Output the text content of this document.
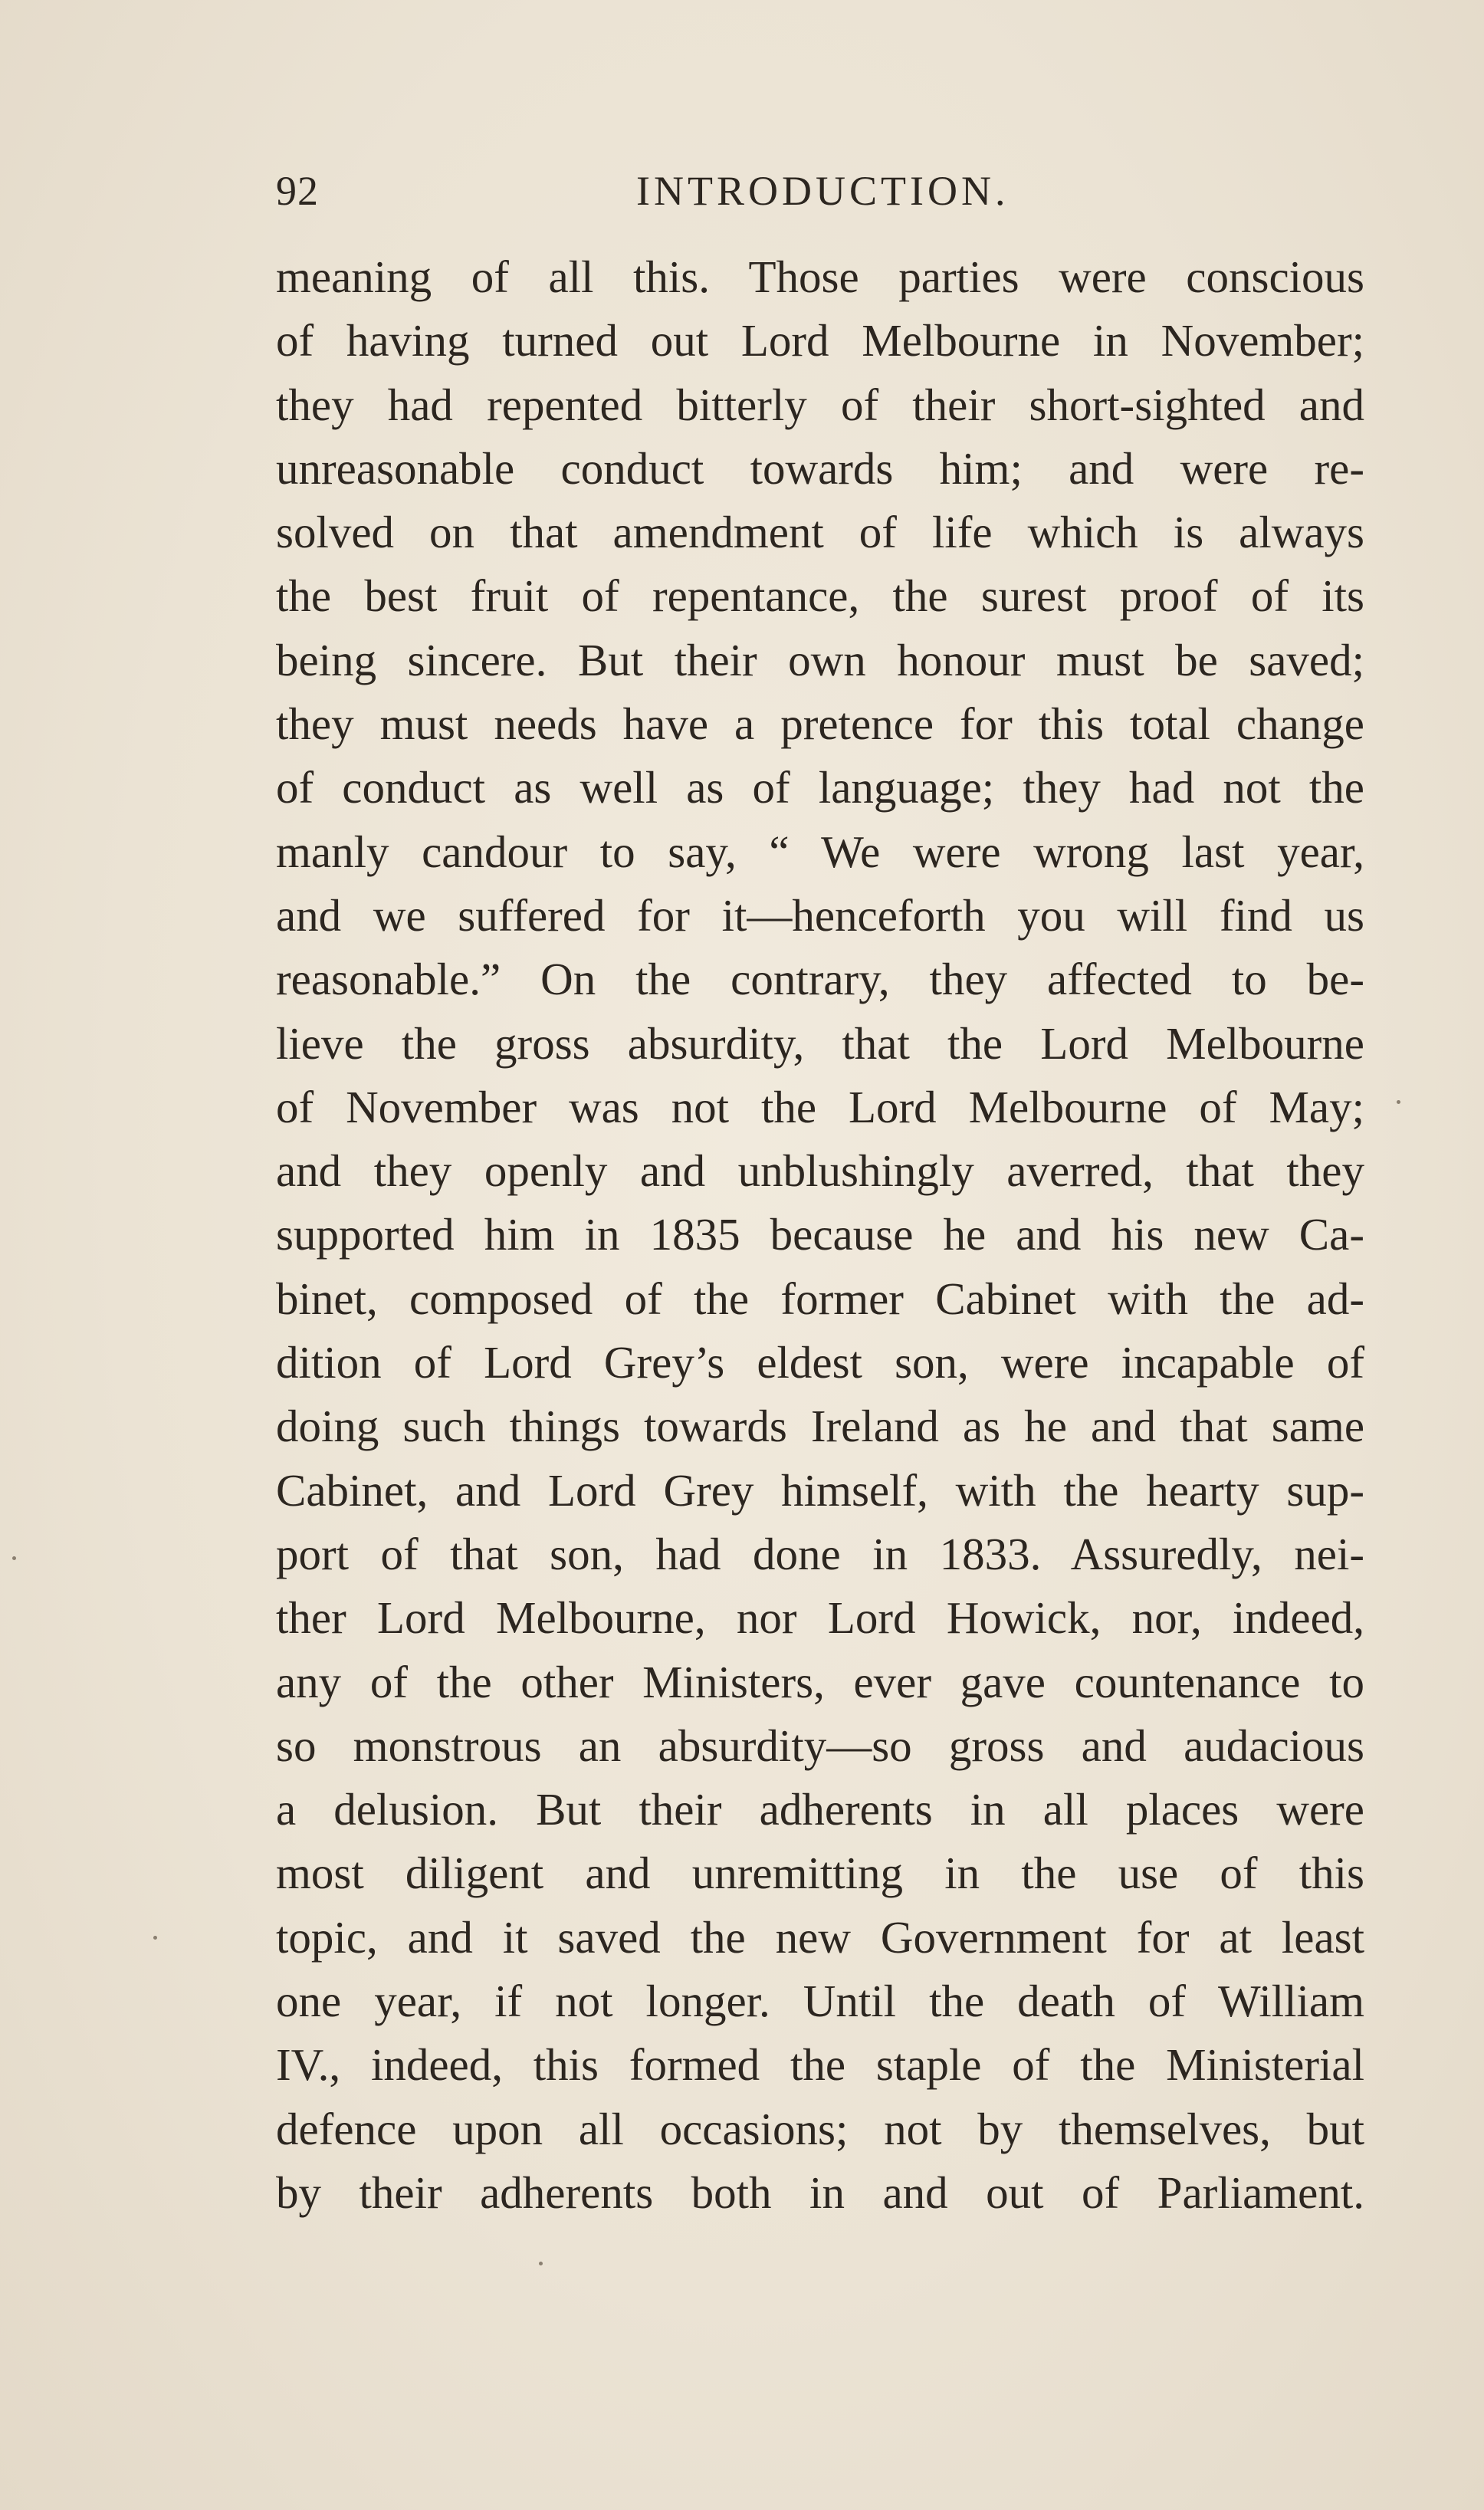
92	INTRODUCTION.
meaning of all this. Those parties were conscious
of having turned out Lord Melbourne in November;
they had repented bitterly of their short-sighted and
unreasonable conduct towards him; and were re-
solved on that amendment of life which is always
the best fruit of repentance, the surest proof of its
being sincere. But their own honour must be saved;
they must needs have a pretence for this total change
of conduct as well as of language; they had not the
manly candour to say, “ We were wrong last year,
and we suffered for it—henceforth you will find us
reasonable.” On the contrary, they affected to be-
lieve the gross absurdity, that the Lord Melbourne
of November was not the Lord Melbourne of May;
and they openly and unblushingly averred, that they
supported him in 1835 because he and his new Ca-
binet, composed of the former Cabinet with the ad-
dition of Lord Grey’s eldest son, were incapable of
doing such things towards Ireland as he and that same
Cabinet, and Lord Grey himself, with the hearty sup-
port of that son, had done in 1833. Assuredly, nei-
ther Lord Melbourne, nor Lord Howick, nor, indeed,
any of the other Ministers, ever gave countenance to
so monstrous an absurdity—so gross and audacious
a delusion. But their adherents in all places were
most diligent and unremitting in the use of this
topic, and it saved the new Government for at least
one year, if not longer. Until the death of William
IV., indeed, this formed the staple of the Ministerial
defence upon all occasions; not by themselves, but
by their adherents both in and out of Parliament.
